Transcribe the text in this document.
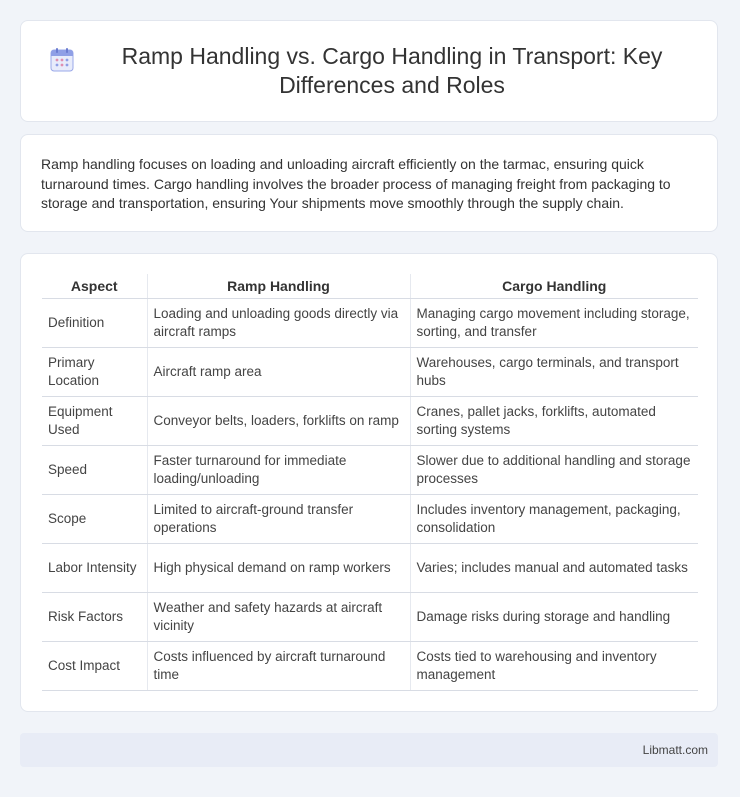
Ramp Handling vs. Cargo Handling in Transport: Key Differences and Roles

Ramp handling focuses on loading and unloading aircraft efficiently on the tarmac, ensuring quick turnaround times. Cargo handling involves the broader process of managing freight from packaging to storage and transportation, ensuring Your shipments move smoothly through the supply chain.

Aspect	Ramp Handling	Cargo Handling
Definition	Loading and unloading goods directly via aircraft ramps	Managing cargo movement including storage, sorting, and transfer
Primary Location	Aircraft ramp area	Warehouses, cargo terminals, and transport hubs
Equipment Used	Conveyor belts, loaders, forklifts on ramp	Cranes, pallet jacks, forklifts, automated sorting systems
Speed	Faster turnaround for immediate loading/unloading	Slower due to additional handling and storage processes
Scope	Limited to aircraft-ground transfer operations	Includes inventory management, packaging, consolidation
Labor Intensity	High physical demand on ramp workers	Varies; includes manual and automated tasks
Risk Factors	Weather and safety hazards at aircraft vicinity	Damage risks during storage and handling
Cost Impact	Costs influenced by aircraft turnaround time	Costs tied to warehousing and inventory management
Libmatt.com
